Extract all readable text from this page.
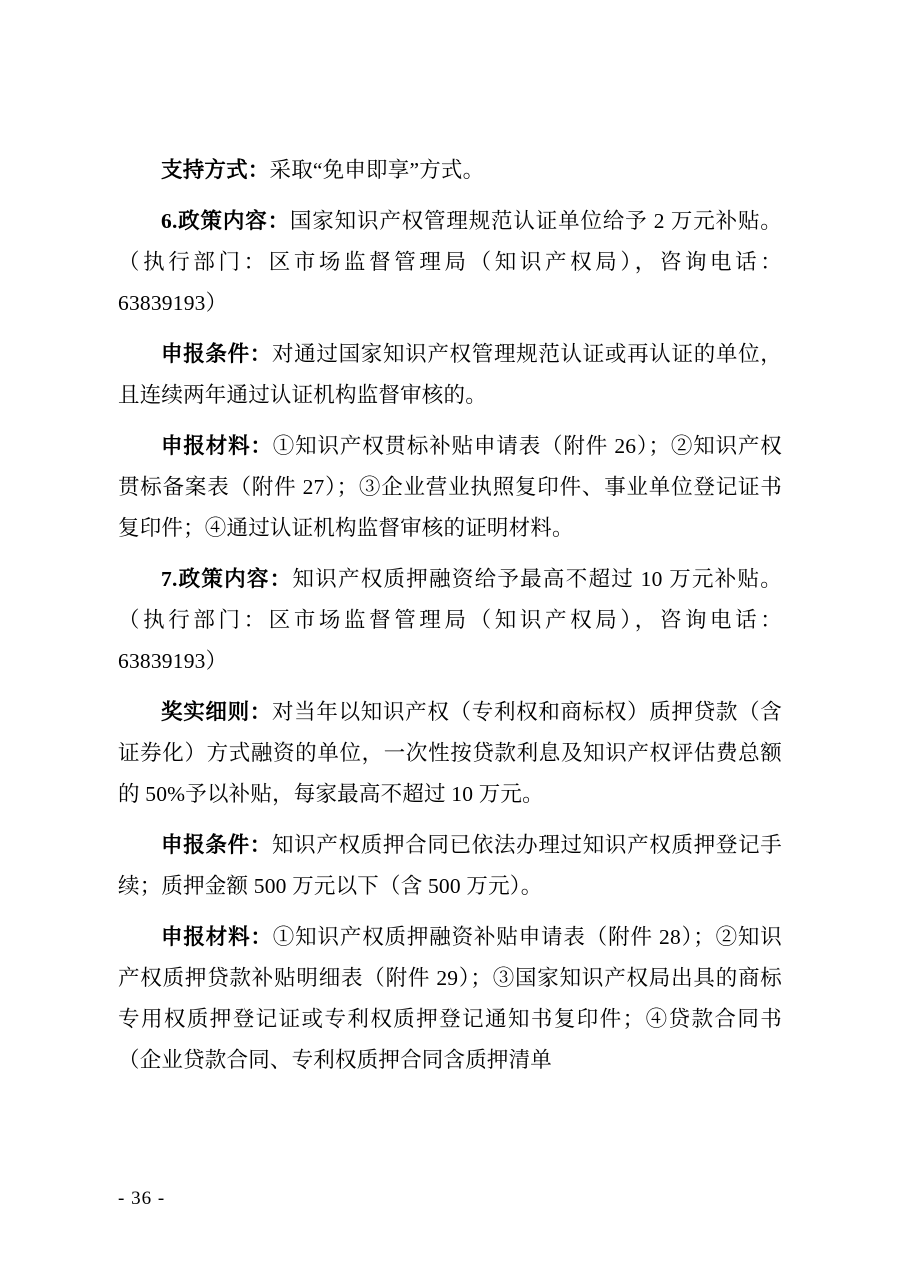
支持方式：采取“免申即享”方式。

6.政策内容：国家知识产权管理规范认证单位给予 2 万元补贴。（执行部门：区市场监督管理局（知识产权局），咨询电话：63839193）

申报条件：对通过国家知识产权管理规范认证或再认证的单位，且连续两年通过认证机构监督审核的。

申报材料：①知识产权贯标补贴申请表（附件 26）；②知识产权贯标备案表（附件 27）；③企业营业执照复印件、事业单位登记证书复印件；④通过认证机构监督审核的证明材料。

7.政策内容：知识产权质押融资给予最高不超过 10 万元补贴。（执行部门：区市场监督管理局（知识产权局），咨询电话：63839193）

奖实细则：对当年以知识产权（专利权和商标权）质押贷款（含证券化）方式融资的单位，一次性按贷款利息及知识产权评估费总额的 50%予以补贴，每家最高不超过 10 万元。

申报条件：知识产权质押合同已依法办理过知识产权质押登记手续；质押金额 500 万元以下（含 500 万元）。

申报材料：①知识产权质押融资补贴申请表（附件 28）；②知识产权质押贷款补贴明细表（附件 29）；③国家知识产权局出具的商标专用权质押登记证或专利权质押登记通知书复印件；④贷款合同书（企业贷款合同、专利权质押合同含质押清单

- 36 -
